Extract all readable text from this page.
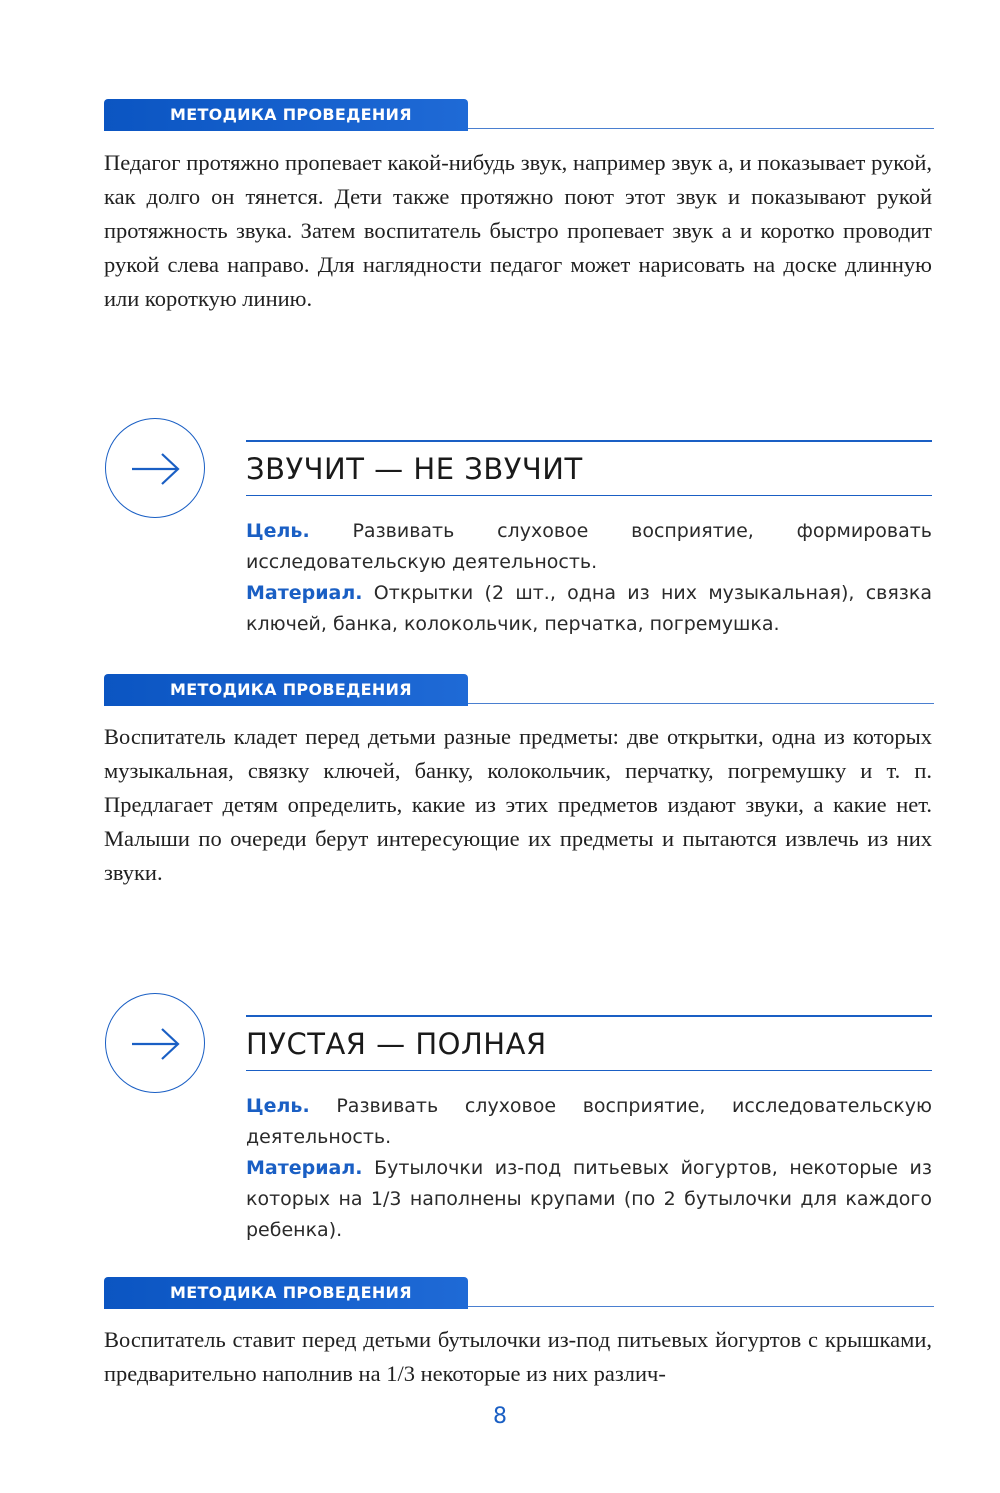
МЕТОДИКА ПРОВЕДЕНИЯ

Педагог протяжно пропевает какой-нибудь звук, например звук а, и показывает рукой, как долго он тянется. Дети также протяжно поют этот звук и показывают рукой протяжность звука. Затем воспитатель быстро пропевает звук а и коротко проводит рукой слева направо. Для наглядности педагог может нарисовать на доске длинную или короткую линию.

ЗВУЧИТ — НЕ ЗВУЧИТ

Цель. Развивать слуховое восприятие, формировать исследовательскую деятельность.

Материал. Открытки (2 шт., одна из них музыкальная), связка ключей, банка, колокольчик, перчатка, погремушка.

МЕТОДИКА ПРОВЕДЕНИЯ

Воспитатель кладет перед детьми разные предметы: две открытки, одна из которых музыкальная, связку ключей, банку, колокольчик, перчатку, погремушку и т. п. Предлагает детям определить, какие из этих предметов издают звуки, а какие нет. Малыши по очереди берут интересующие их предметы и пытаются извлечь из них звуки.

ПУСТАЯ — ПОЛНАЯ

Цель. Развивать слуховое восприятие, исследовательскую деятельность.

Материал. Бутылочки из-под питьевых йогуртов, некоторые из которых на 1/3 наполнены крупами (по 2 бутылочки для каждого ребенка).

МЕТОДИКА ПРОВЕДЕНИЯ

Воспитатель ставит перед детьми бутылочки из-под питьевых йогуртов с крышками, предварительно наполнив на 1/3 некоторые из них различ-

8
